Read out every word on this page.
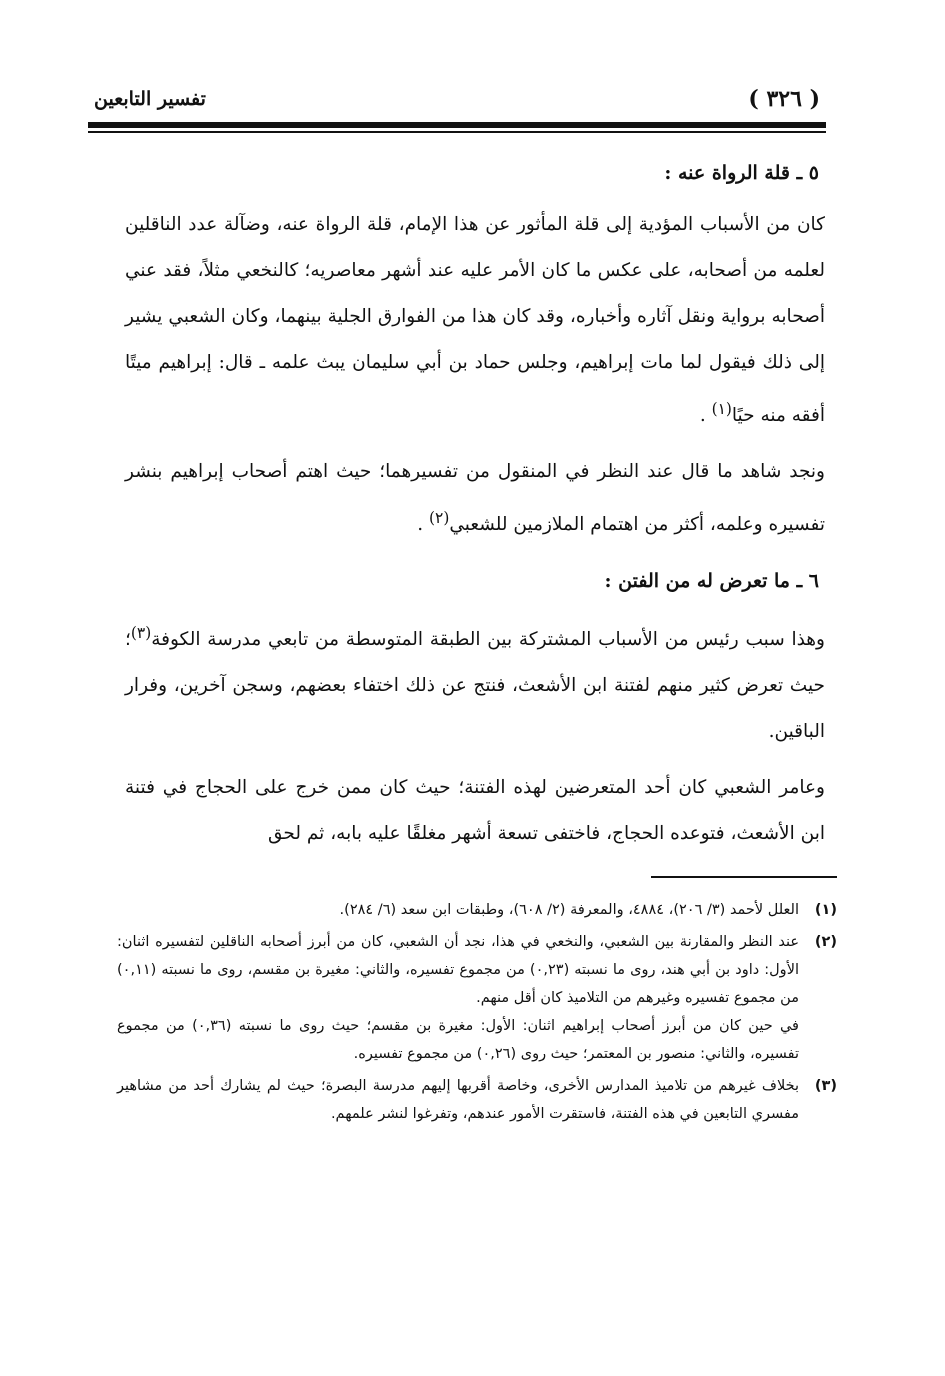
( ٣٢٦ )
تفسير التابعين

٥ ـ قلة الرواة عنه :

كان من الأسباب المؤدية إلى قلة المأثور عن هذا الإمام، قلة الرواة عنه، وضآلة عدد الناقلين لعلمه من أصحابه، على عكس ما كان الأمر عليه عند أشهر معاصريه؛ كالنخعي مثلاً، فقد عني أصحابه برواية ونقل آثاره وأخباره، وقد كان هذا من الفوارق الجلية بينهما، وكان الشعبي يشير إلى ذلك فيقول لما مات إبراهيم، وجلس حماد بن أبي سليمان يبث علمه ـ قال: إبراهيم ميتًا أفقه منه حيًا$^{(١)}$ .

ونجد شاهد ما قال عند النظر في المنقول من تفسيرهما؛ حيث اهتم أصحاب إبراهيم بنشر تفسيره وعلمه، أكثر من اهتمام الملازمين للشعبي$^{(٢)}$ .

٦ ـ ما تعرض له من الفتن :

وهذا سبب رئيس من الأسباب المشتركة بين الطبقة المتوسطة من تابعي مدرسة الكوفة$^{(٣)}$؛ حيث تعرض كثير منهم لفتنة ابن الأشعث، فنتج عن ذلك اختفاء بعضهم، وسجن آخرين، وفرار الباقين.

وعامر الشعبي كان أحد المتعرضين لهذه الفتنة؛ حيث كان ممن خرج على الحجاج في فتنة ابن الأشعث، فتوعده الحجاج، فاختفى تسعة أشهر مغلقًا عليه بابه، ثم لحق

(١)
العلل لأحمد (٣/ ٢٠٦)، ٤٨٨٤، والمعرفة (٢/ ٦٠٨)، وطبقات ابن سعد (٦/ ٢٨٤).
(٢)
عند النظر والمقارنة بين الشعبي، والنخعي في هذا، نجد أن الشعبي، كان من أبرز أصحابه الناقلين لتفسيره اثنان: الأول: داود بن أبي هند، روى ما نسبته (٠,٢٣) من مجموع تفسيره، والثاني: مغيرة بن مقسم، روى ما نسبته (٠,١١) من مجموع تفسيره وغيرهم من التلاميذ كان أقل منهم.
في حين كان من أبرز أصحاب إبراهيم اثنان: الأول: مغيرة بن مقسم؛ حيث روى ما نسبته (٠,٣٦) من مجموع تفسيره، والثاني: منصور بن المعتمر؛ حيث روى (٠,٢٦) من مجموع تفسيره.
(٣)
بخلاف غيرهم من تلاميذ المدارس الأخرى، وخاصة أقربها إليهم مدرسة البصرة؛ حيث لم يشارك أحد من مشاهير مفسري التابعين في هذه الفتنة، فاستقرت الأمور عندهم، وتفرغوا لنشر علمهم.
